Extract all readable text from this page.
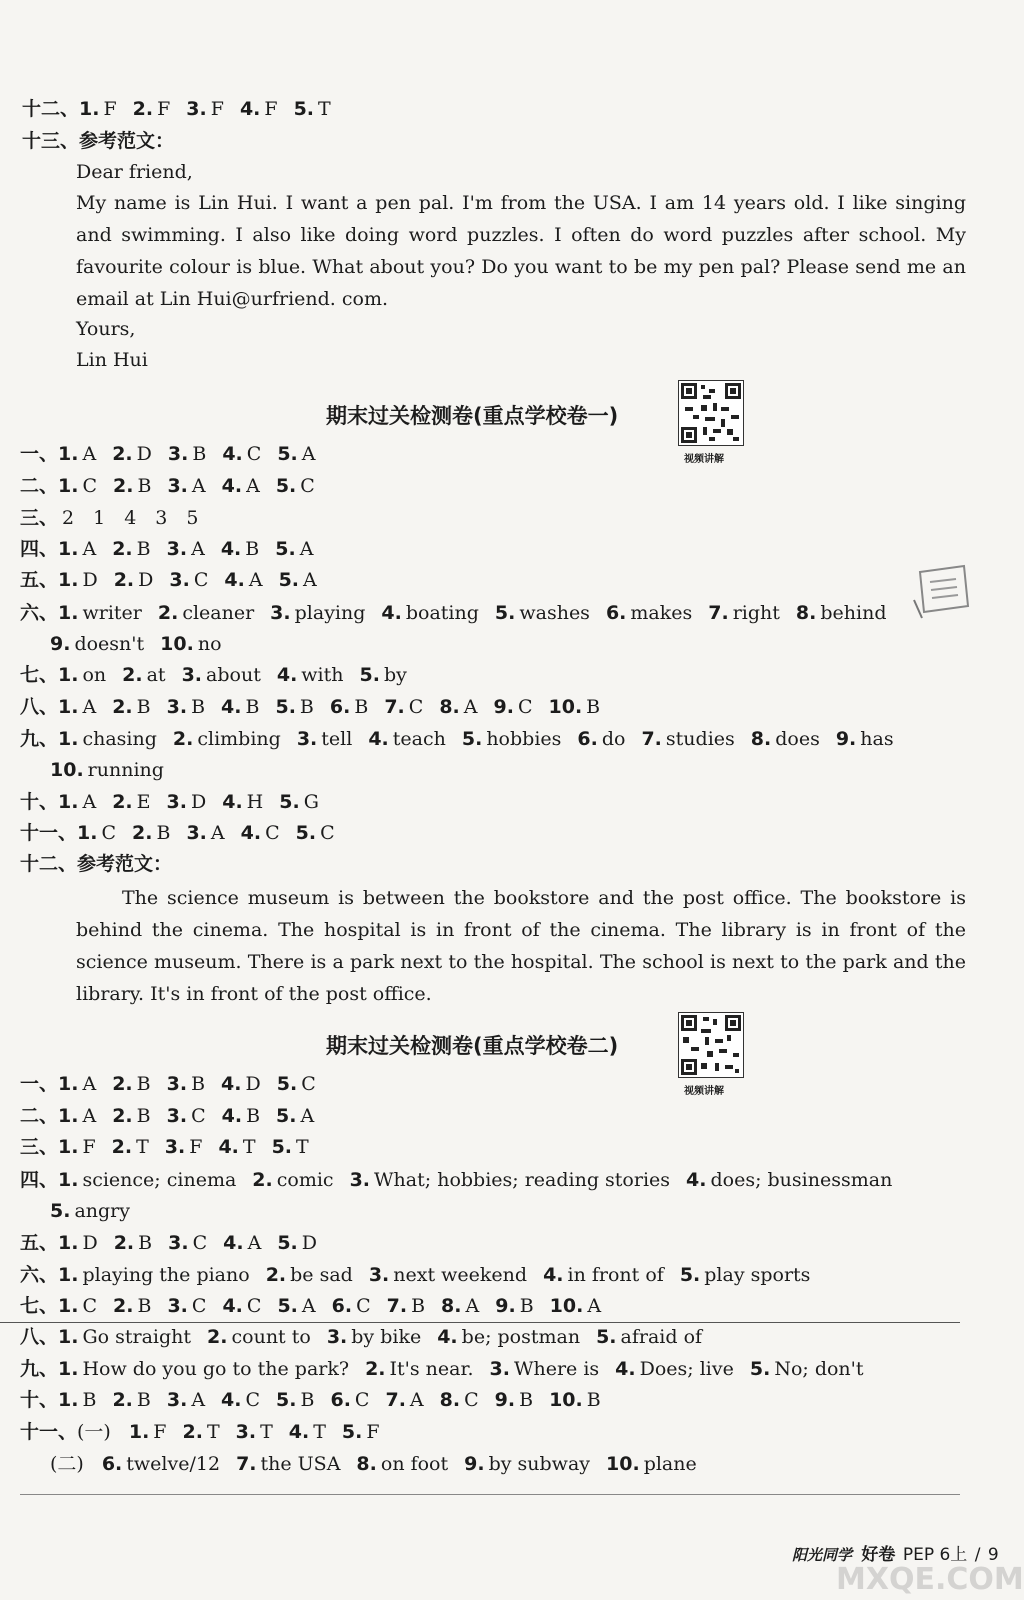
十二、1. F 2. F 3. F 4. F 5. T
十三、参考范文：
Dear friend,
My name is Lin Hui. I want a pen pal. I'm from the USA. I am 14 years old. I like singing and swimming. I also like doing word puzzles. I often do word puzzles after school. My favourite colour is blue. What about you? Do you want to be my pen pal? Please send me an email at Lin Hui@urfriend. com.
Yours,
Lin Hui
期末过关检测卷(重点学校卷一)
视频讲解
一、1. A 2. D 3. B 4. C 5. A
二、1. C 2. B 3. A 4. A 5. C
三、 2　1　4　3　5
四、1. A 2. B 3. A 4. B 5. A
五、1. D 2. D 3. C 4. A 5. A
六、1. writer 2. cleaner 3. playing 4. boating 5. washes 6. makes 7. right 8. behind
9. doesn't 10. no
七、1. on 2. at 3. about 4. with 5. by
八、1. A 2. B 3. B 4. B 5. B 6. B 7. C 8. A 9. C 10. B
九、1. chasing 2. climbing 3. tell 4. teach 5. hobbies 6. do 7. studies 8. does 9. has
10. running
十、1. A 2. E 3. D 4. H 5. G
十一、1. C 2. B 3. A 4. C 5. C
十二、参考范文：
The science museum is between the bookstore and the post office. The bookstore is behind the cinema. The hospital is in front of the cinema. The library is in front of the science museum. There is a park next to the hospital. The school is next to the park and the library. It's in front of the post office.
期末过关检测卷(重点学校卷二)
视频讲解
一、1. A 2. B 3. B 4. D 5. C
二、1. A 2. B 3. C 4. B 5. A
三、1. F 2. T 3. F 4. T 5. T
四、1. science; cinema 2. comic 3. What; hobbies; reading stories 4. does; businessman
5. angry
五、1. D 2. B 3. C 4. A 5. D
六、1. playing the piano 2. be sad 3. next weekend 4. in front of 5. play sports
七、1. C 2. B 3. C 4. C 5. A 6. C 7. B 8. A 9. B 10. A
八、1. Go straight 2. count to 3. by bike 4. be; postman 5. afraid of
九、1. How do you go to the park? 2. It's near. 3. Where is 4. Does; live 5. No; don't
十、1. B 2. B 3. A 4. C 5. B 6. C 7. A 8. C 9. B 10. B
十一、(一) 1. F 2. T 3. T 4. T 5. F
(二) 6. twelve/12 7. the USA 8. on foot 9. by subway 10. plane
阳光同学 好卷 PEP 6上 / 9
MXQE.COM
